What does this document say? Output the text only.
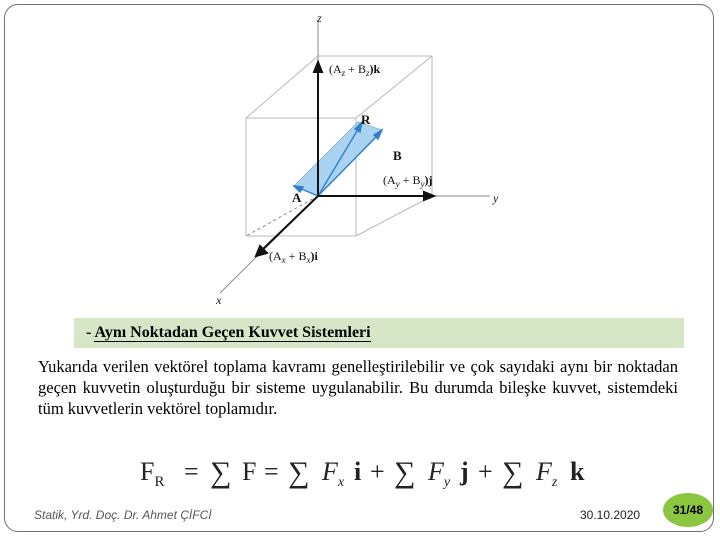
z
y
x
R
B
A
$(A_z + B_z)k$
$(A_y + B_y)j$
$(A_x + B_x)i$
- Aynı Noktadan Geçen Kuvvet Sistemleri
Yukarıda verilen vektörel toplama kavramı genelleştirilebilir ve çok sayıdaki aynı bir noktadan geçen kuvvetin oluşturduğu bir sisteme uygulanabilir. Bu durumda bileşke kuvvet, sistemdeki tüm kuvvetlerin vektörel toplamıdır.
$F_R$ = ∑ F = ∑ $F_x$ i + ∑ $F_y$ j + ∑ $F_z$ k
Statik, Yrd. Doç. Dr. Ahmet ÇİFCİ	30.10.2020	31/48
